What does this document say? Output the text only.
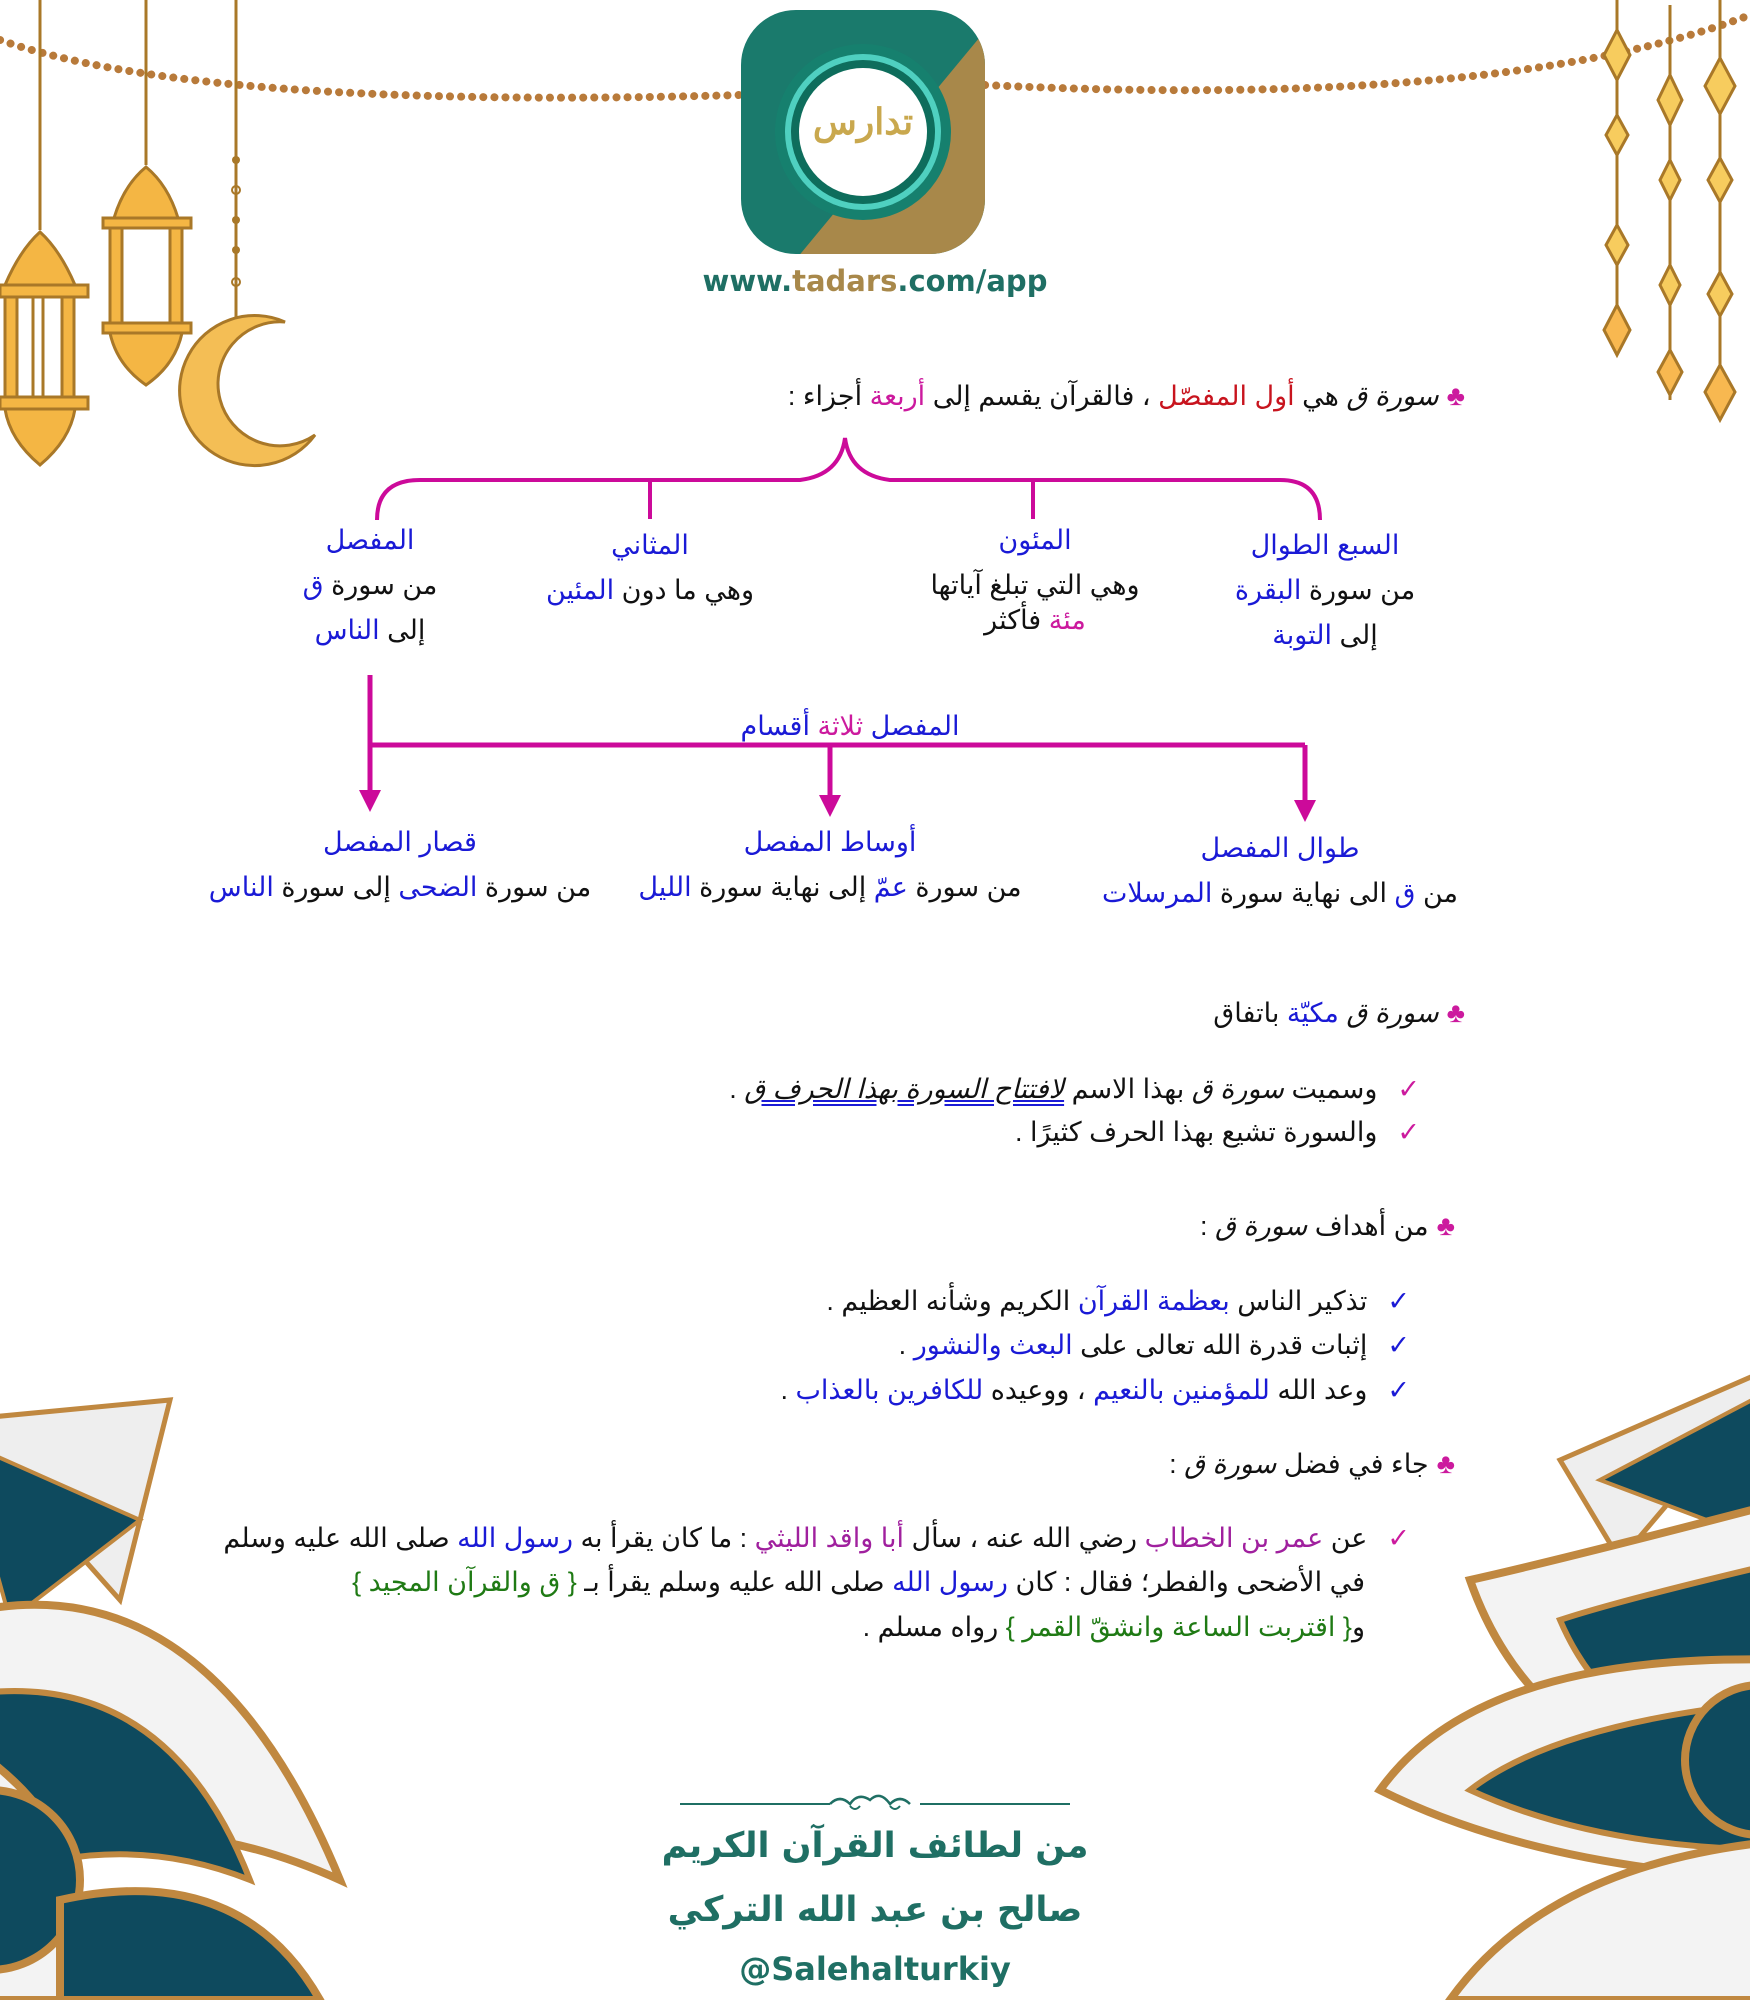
تدارس
www.tadars.com/app
♣سورة ق هي أول المفصّل ، فالقرآن يقسم إلى أربعة أجزاء :
السبع الطوال
من سورة البقرة
إلى التوبة
المئون
وهي التي تبلغ آياتها
مئة فأكثر
المثاني
وهي ما دون المئين
المفصل
من سورة ق
إلى الناس
المفصل ثلاثة أقسام
طوال المفصل
من ق الى نهاية سورة المرسلات
أوساط المفصل
من سورة عمّ إلى نهاية سورة الليل
قصار المفصل
من سورة الضحى إلى سورة الناس
♣سورة ق مكيّة باتفاق
✓وسميت سورة ق بهذا الاسم لافتتاح السورة بهذا الحرف ق .
✓والسورة تشيع بهذا الحرف كثيرًا .
♣من أهداف سورة ق :
✓تذكير الناس بعظمة القرآن الكريم وشأنه العظيم .
✓إثبات قدرة الله تعالى على البعث والنشور .
✓وعد الله للمؤمنين بالنعيم ، ووعيده للكافرين بالعذاب .
♣جاء في فضل سورة ق :
✓عن عمر بن الخطاب رضي الله عنه ، سأل أبا واقد الليثي : ما كان يقرأ به رسول الله صلى الله عليه وسلم
في الأضحى والفطر؛ فقال : كان رسول الله صلى الله عليه وسلم يقرأ بـ { ق والقرآن المجيد }
و{ اقتربت الساعة وانشقّ القمر } رواه مسلم .
من لطائف القرآن الكريم
صالح بن عبد الله التركي
@Salehalturkiy
